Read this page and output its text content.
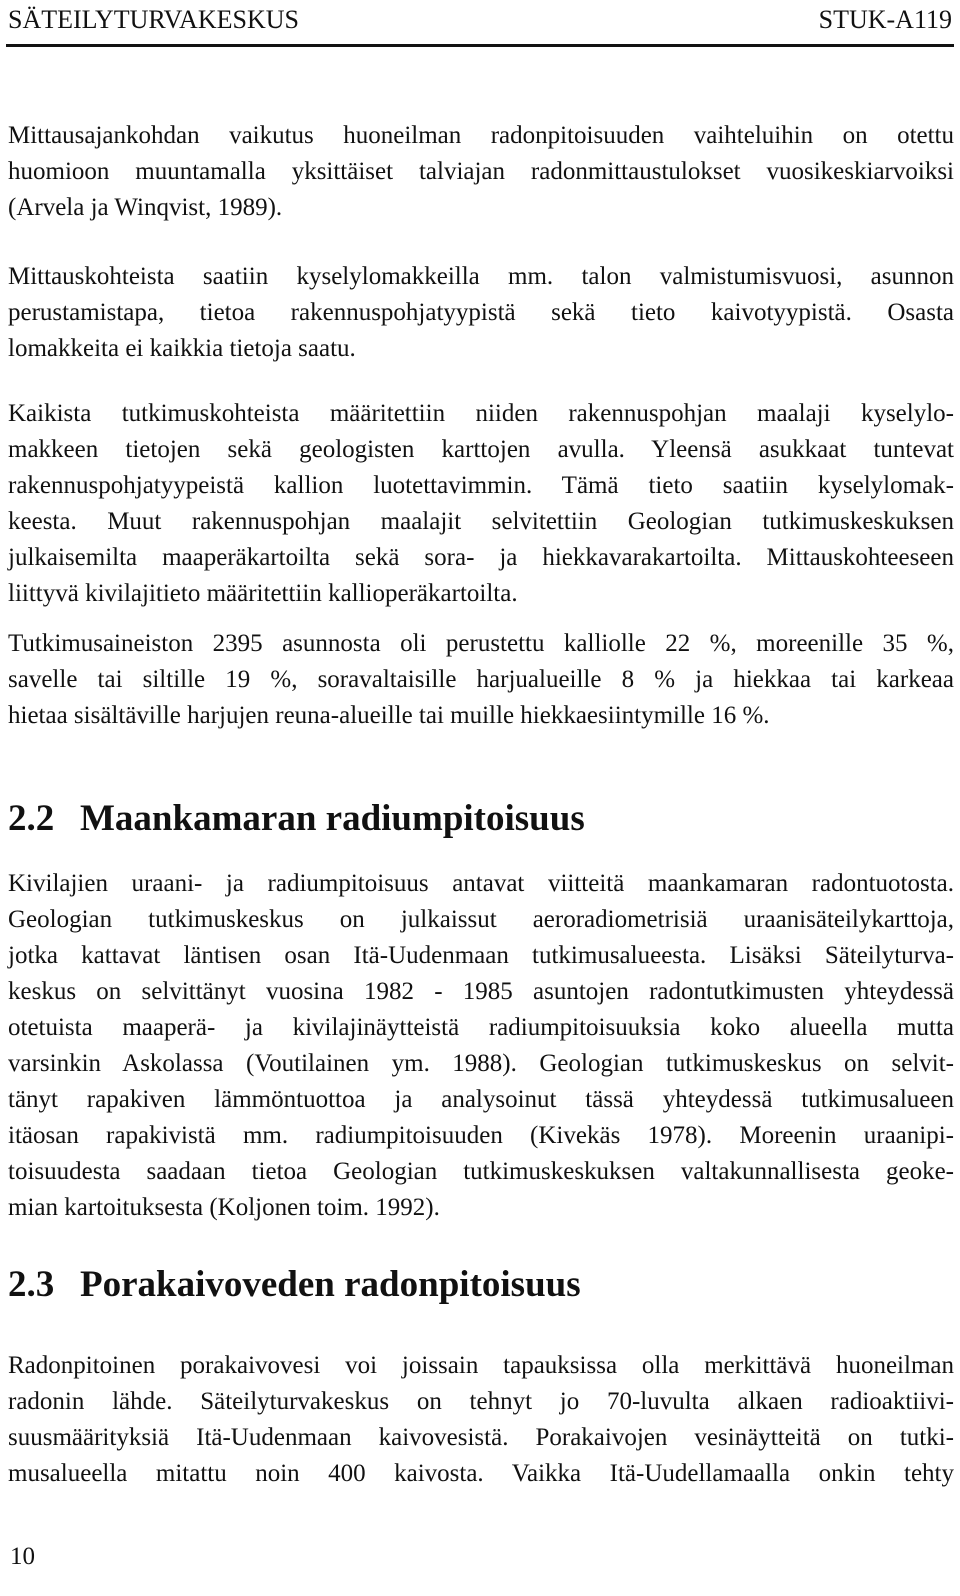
SÄTEILYTURVAKESKUS	STUK-A119
Mittausajankohdan vaikutus huoneilman radonpitoisuuden vaihteluihin on otettu
huomioon muuntamalla yksittäiset talviajan radonmittaustulokset vuosikeskiarvoiksi
(Arvela ja Winqvist, 1989).
Mittauskohteista saatiin kyselylomakkeilla mm. talon valmistumisvuosi, asunnon
perustamistapa, tietoa rakennuspohjatyypistä sekä tieto kaivotyypistä. Osasta
lomakkeita ei kaikkia tietoja saatu.
Kaikista tutkimuskohteista määritettiin niiden rakennuspohjan maalaji kyselylo-
makkeen tietojen sekä geologisten karttojen avulla. Yleensä asukkaat tuntevat
rakennuspohjatyypeistä kallion luotettavimmin. Tämä tieto saatiin kyselylomak-
keesta. Muut rakennuspohjan maalajit selvitettiin Geologian tutkimuskeskuksen
julkaisemilta maaperäkartoilta sekä sora- ja hiekkavarakartoilta. Mittauskohteeseen
liittyvä kivilajitieto määritettiin kallioperäkartoilta.
Tutkimusaineiston 2395 asunnosta oli perustettu kalliolle 22 %, moreenille 35 %,
savelle tai siltille 19 %, soravaltaisille harjualueille 8 % ja hiekkaa tai karkeaa
hietaa sisältäville harjujen reuna-alueille tai muille hiekkaesiintymille 16 %.
2.2 Maankamaran radiumpitoisuus
Kivilajien uraani- ja radiumpitoisuus antavat viitteitä maankamaran radontuotosta.
Geologian tutkimuskeskus on julkaissut aeroradiometrisiä uraanisäteilykarttoja,
jotka kattavat läntisen osan Itä-Uudenmaan tutkimusalueesta. Lisäksi Säteilyturva-
keskus on selvittänyt vuosina 1982 - 1985 asuntojen radontutkimusten yhteydessä
otetuista maaperä- ja kivilajinäytteistä radiumpitoisuuksia koko alueella mutta
varsinkin Askolassa (Voutilainen ym. 1988). Geologian tutkimuskeskus on selvit-
tänyt rapakiven lämmöntuottoa ja analysoinut tässä yhteydessä tutkimusalueen
itäosan rapakivistä mm. radiumpitoisuuden (Kivekäs 1978). Moreenin uraanipi-
toisuudesta saadaan tietoa Geologian tutkimuskeskuksen valtakunnallisesta geoke-
mian kartoituksesta (Koljonen toim. 1992).
2.3 Porakaivoveden radonpitoisuus
Radonpitoinen porakaivovesi voi joissain tapauksissa olla merkittävä huoneilman
radonin lähde. Säteilyturvakeskus on tehnyt jo 70-luvulta alkaen radioaktiivi-
suusmäärityksiä Itä-Uudenmaan kaivovesistä. Porakaivojen vesinäytteitä on tutki-
musalueella mitattu noin 400 kaivosta. Vaikka Itä-Uudellamaalla onkin tehty
10
